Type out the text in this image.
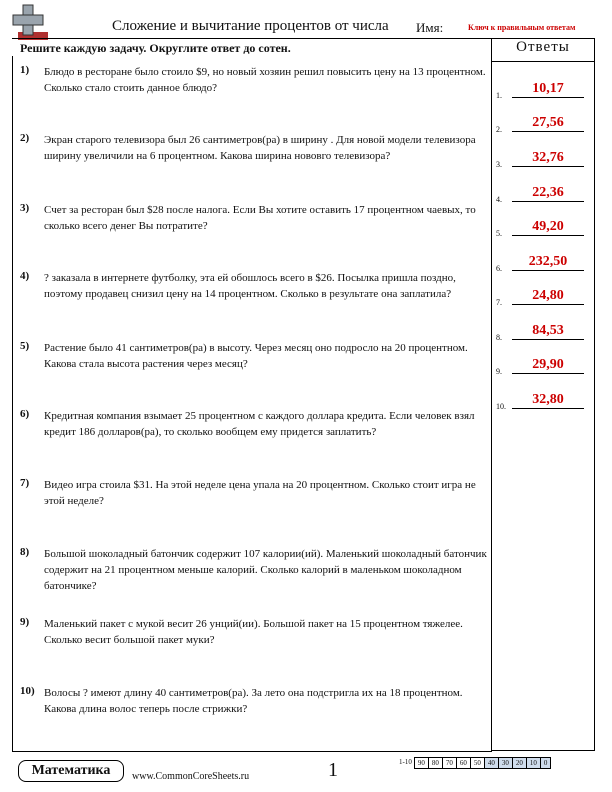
Сложение и вычитание процентов от числа Имя:	Ключ к правильным ответам
Решите каждую задачу. Округлите ответ до сотен.
1) Блюдо в ресторане было стоило $9, но новый хозяин решил повысить цену на 13 процентном. Сколько стало стоить данное блюдо?
2) Экран старого телевизора был 26 сантиметров(ра) в ширину . Для новой модели телевизора ширину увеличили на 6 процентном. Какова ширина нововго телевизора?
3) Счет за ресторан был $28 после налога. Если Вы хотите оставить 17 процентном чаевых, то сколько всего денег Вы потратите?
4) ? заказала в интернете футболку, эта ей обошлось всего в $26. Посылка пришла поздно, поэтому продавец снизил цену на 14 процентном. Сколько в результате она заплатила?
5) Растение было 41 сантиметров(ра) в высоту. Через месяц оно подросло на 20 процентном. Какова стала высота растения через месяц?
6) Кредитная компания взымает 25 процентном с каждого доллара кредита. Если человек взял кредит 186 долларов(ра), то сколько вообщем ему придется заплатить?
7) Видео игра стоила $31. На этой неделе цена упала на 20 процентном. Сколько стоит игра не этой неделе?
8) Большой шоколадный батончик содержит 107 калории(ий). Маленький шоколадный батончик содержит на 21 процентном меньше калорий. Сколько калорий в маленьком шоколадном батончике?
9) Маленький пакет с мукой весит 26 унций(ии). Большой пакет на 15 процентном тяжелее. Сколько весит большой пакет муки?
10) Волосы ? имеют длину 40 сантиметров(ра). За лето она подстригла их на 18 процентном. Какова длина волос теперь после стрижки?
Ответы
1.	10,17
2.	27,56
3.	32,76
4.	22,36
5.	49,20
6.	232,50
7.	24,80
8.	84,53
9.	29,90
10.	32,80
Математика	www.CommonCoreSheets.ru	1	1-10 90	80	70	60	50	40	30	20	10	0
